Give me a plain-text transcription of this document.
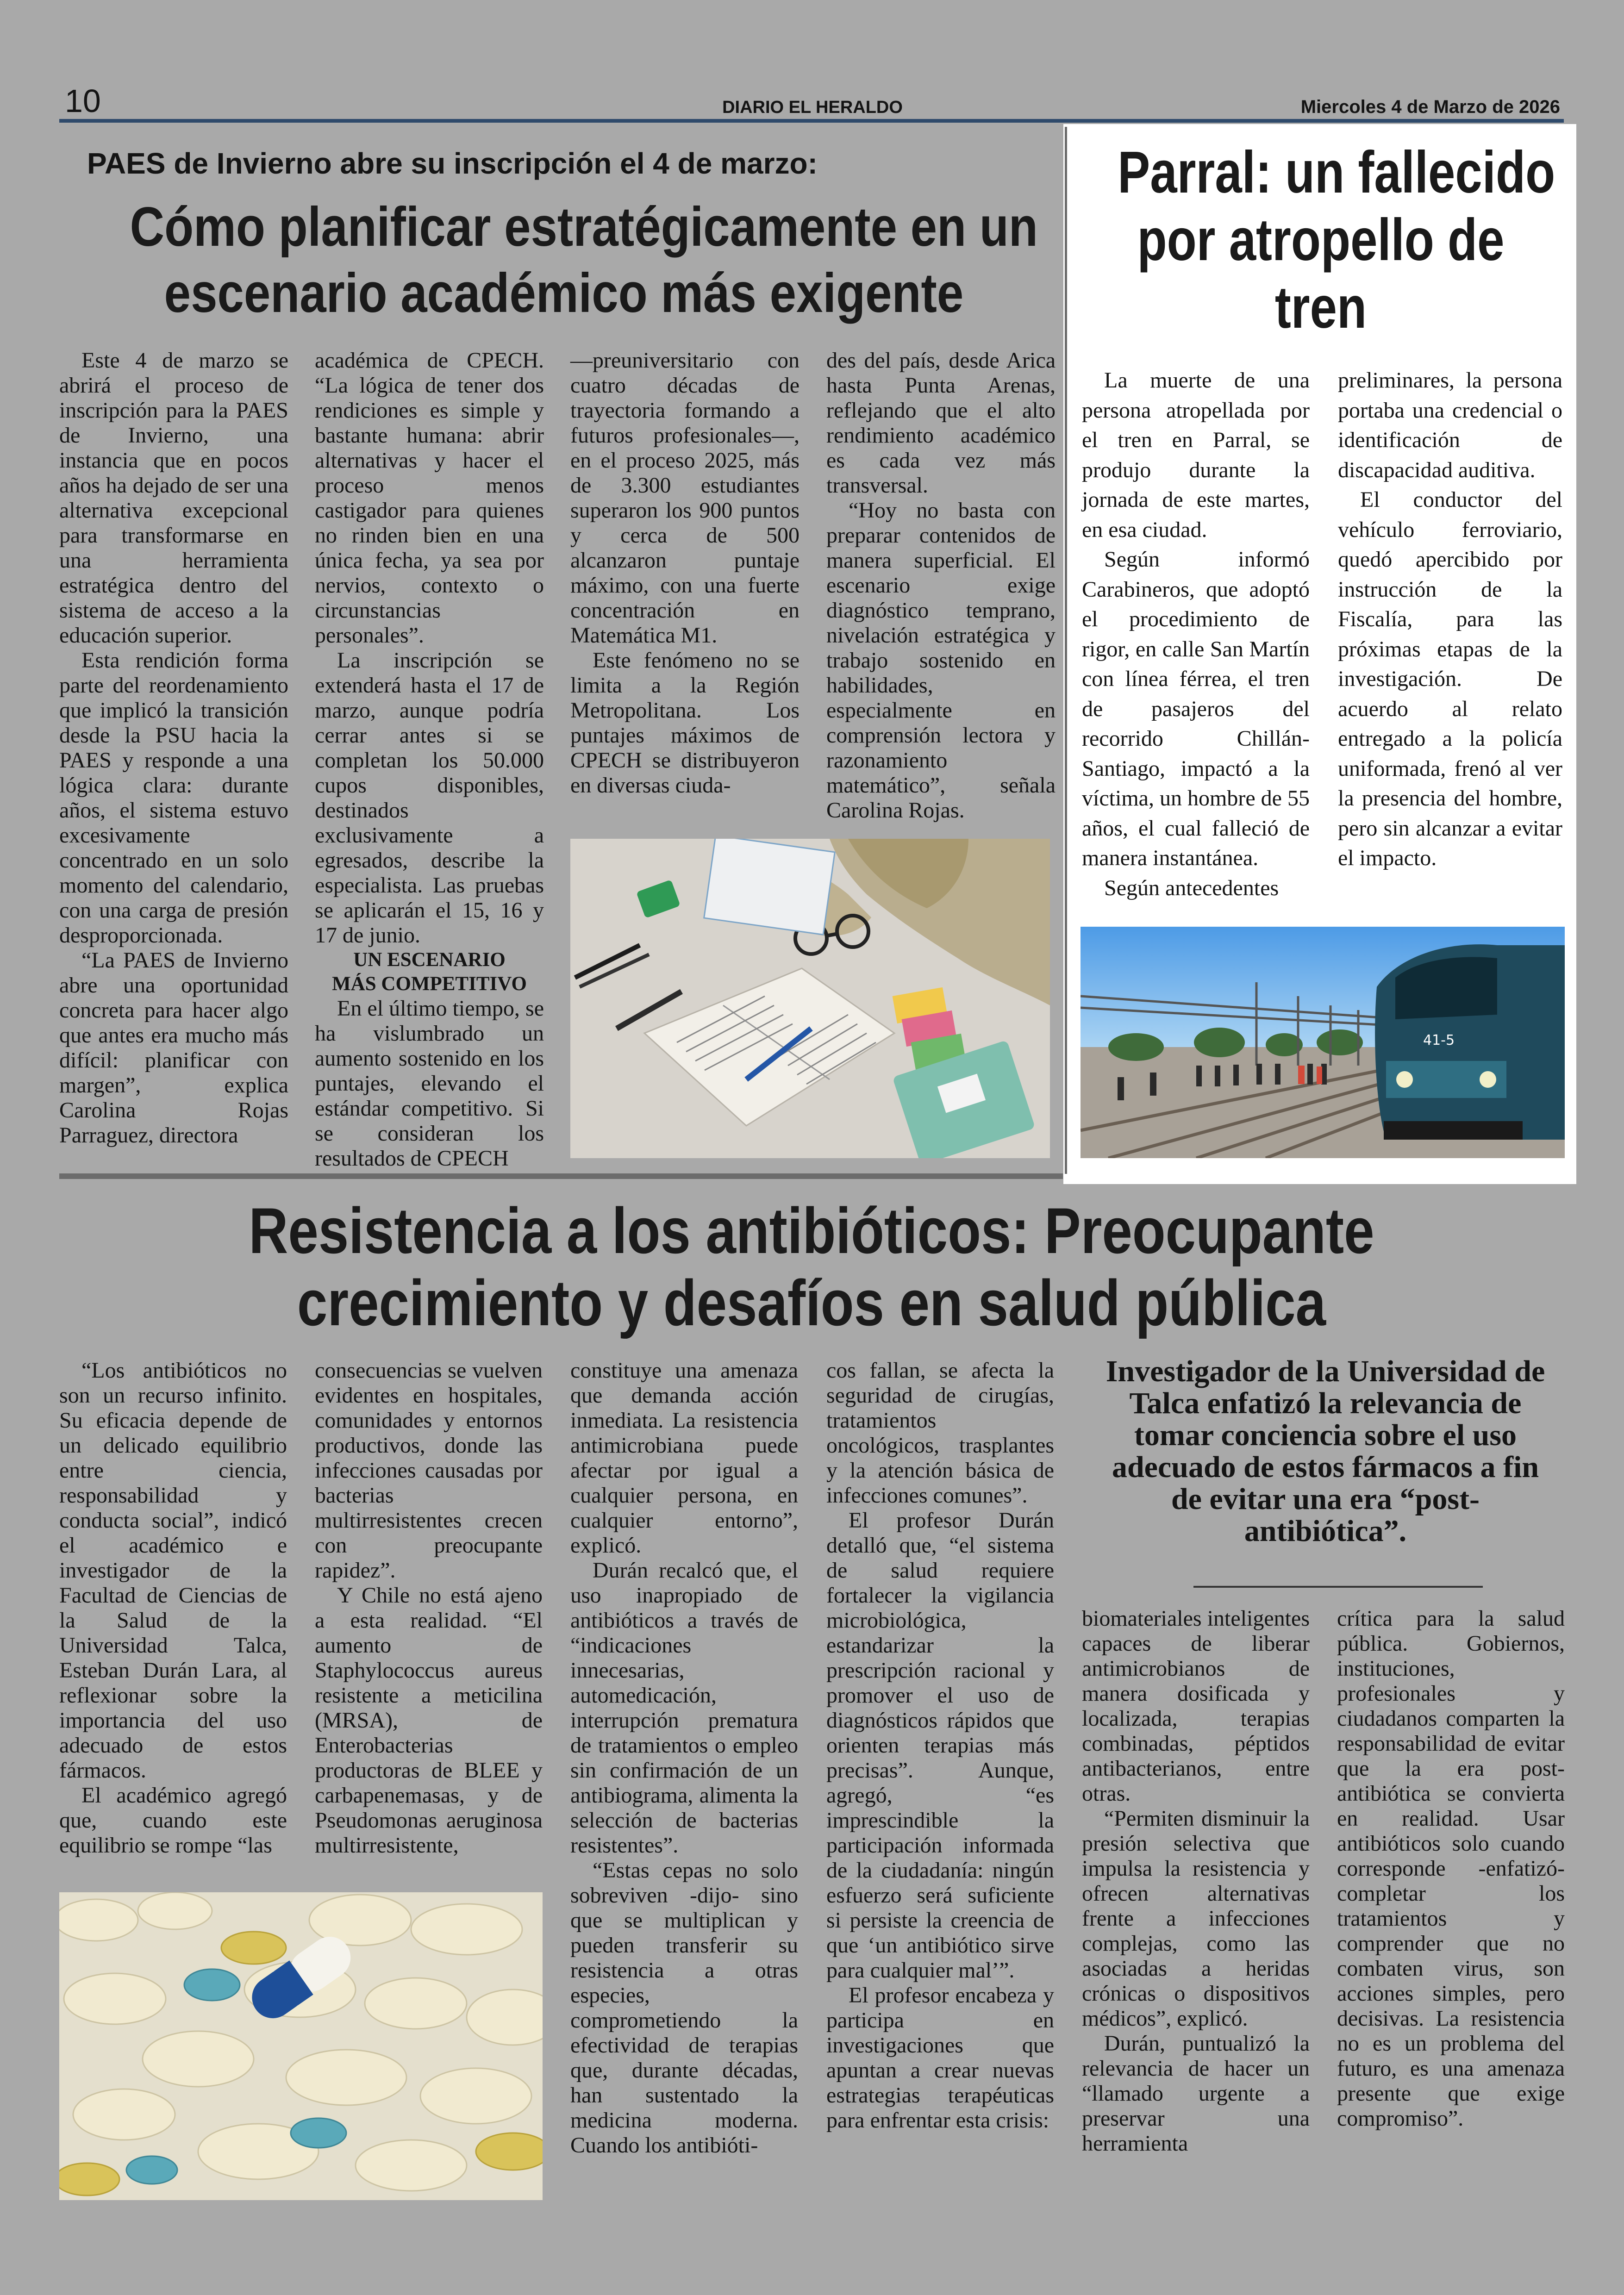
10	DIARIO EL HERALDO	Miercoles 4 de Marzo de 2026
PAES de Invierno abre su inscripción el 4 de marzo:
Cómo planificar estratégicamente en un
escenario académico más exigente

Este 4 de marzo se abrirá el proceso de inscripción para la PAES de Invierno, una instancia que en pocos años ha dejado de ser una alternativa excepcional para transformarse en una herramienta estratégica dentro del sistema de acceso a la educación superior.

Esta rendición forma parte del reordenamiento que implicó la transición desde la PSU hacia la PAES y responde a una lógica clara: durante años, el sistema estuvo excesivamente concentrado en un solo momento del calendario, con una carga de presión desproporcionada.

“La PAES de Invierno abre una oportunidad concreta para hacer algo que antes era mucho más difícil: planificar con margen”, explica Carolina Rojas Parraguez, directora

académica de CPECH. “La lógica de tener dos rendiciones es simple y bastante humana: abrir alternativas y hacer el proceso menos castigador para quienes no rinden bien en una única fecha, ya sea por nervios, contexto o circunstancias personales”.

La inscripción se extenderá hasta el 17 de marzo, aunque podría cerrar antes si se completan los 50.000 cupos disponibles, destinados exclusivamente a egresados, describe la especialista. Las pruebas se aplicarán el 15, 16 y 17 de junio.

UN ESCENARIO

MÁS COMPETITIVO

En el último tiempo, se ha vislumbrado un aumento sostenido en los puntajes, elevando el estándar competitivo. Si se consideran los resultados de CPECH

—preuniversitario con cuatro décadas de trayectoria formando a futuros profesionales—, en el proceso 2025, más de 3.300 estudiantes superaron los 900 puntos y cerca de 500 alcanzaron puntaje máximo, con una fuerte concentración en Matemática M1.

Este fenómeno no se limita a la Región Metropolitana. Los puntajes máximos de CPECH se distribuyeron en diversas ciuda-

des del país, desde Arica hasta Punta Arenas, reflejando que el alto rendimiento académico es cada vez más transversal.

“Hoy no basta con preparar contenidos de manera superficial. El escenario exige diagnóstico temprano, nivelación estratégica y trabajo sostenido en habilidades, especialmente en comprensión lectora y razonamiento matemático”, señala Carolina Rojas.

Parral: un fallecido
por atropello de
tren

La muerte de una persona atropellada por el tren en Parral, se produjo durante la jornada de este martes, en esa ciudad.

Según informó Carabineros, que adoptó el procedimiento de rigor, en calle San Martín con línea férrea, el tren de pasajeros del recorrido Chillán-Santiago, impactó a la víctima, un hombre de 55 años, el cual falleció de manera instantánea.

Según antecedentes

preliminares, la persona portaba una credencial o identificación de discapacidad auditiva.

El conductor del vehículo ferroviario, quedó apercibido por instrucción de la Fiscalía, para las próximas etapas de la investigación. De acuerdo al relato entregado a la policía uniformada, frenó al ver la presencia del hombre, pero sin alcanzar a evitar el impacto.

41-5
Resistencia a los antibióticos: Preocupante
crecimiento y desafíos en salud pública

“Los antibióticos no son un recurso infinito. Su eficacia depende de un delicado equilibrio entre ciencia, responsabilidad y conducta social”, indicó el académico e investigador de la Facultad de Ciencias de la Salud de la Universidad Talca, Esteban Durán Lara, al reflexionar sobre la importancia del uso adecuado de estos fármacos.

El académico agregó que, cuando este equilibrio se rompe “las

consecuencias se vuelven evidentes en hospitales, comunidades y entornos productivos, donde las infecciones causadas por bacterias multirresistentes crecen con preocupante rapidez”.

Y Chile no está ajeno a esta realidad. “El aumento de Staphylococcus aureus resistente a meticilina (MRSA), de Enterobacterias productoras de BLEE y carbapenemasas, y de Pseudomonas aeruginosa multirresistente,

constituye una amenaza que demanda acción inmediata. La resistencia antimicrobiana puede afectar por igual a cualquier persona, en cualquier entorno”, explicó.

Durán recalcó que, el uso inapropiado de antibióticos a través de “indicaciones innecesarias, automedicación, interrupción prematura de tratamientos o empleo sin confirmación de un antibiograma, alimenta la selección de bacterias resistentes”.

“Estas cepas no solo sobreviven -dijo- sino que se multiplican y pueden transferir su resistencia a otras especies, comprometiendo la efectividad de terapias que, durante décadas, han sustentado la medicina moderna. Cuando los antibióti-

cos fallan, se afecta la seguridad de cirugías, tratamientos oncológicos, trasplantes y la atención básica de infecciones comunes”.

El profesor Durán detalló que, “el sistema de salud requiere fortalecer la vigilancia microbiológica, estandarizar la prescripción racional y promover el uso de diagnósticos rápidos que orienten terapias más precisas”. Aunque, agregó, “es imprescindible la participación informada de la ciudadanía: ningún esfuerzo será suficiente si persiste la creencia de que ‘un antibiótico sirve para cualquier mal’”.

El profesor encabeza y participa en investigaciones que apuntan a crear nuevas estrategias terapéuticas para enfrentar esta crisis:

Investigador de la Universidad de Talca enfatizó la relevancia de tomar conciencia sobre el uso adecuado de estos fármacos a fin de evitar una era “post-antibiótica”.

biomateriales inteligentes capaces de liberar antimicrobianos de manera dosificada y localizada, terapias combinadas, péptidos antibacterianos, entre otras.

“Permiten disminuir la presión selectiva que impulsa la resistencia y ofrecen alternativas frente a infecciones complejas, como las asociadas a heridas crónicas o dispositivos médicos”, explicó.

Durán, puntualizó la relevancia de hacer un “llamado urgente a preservar una herramienta

crítica para la salud pública. Gobiernos, instituciones, profesionales y ciudadanos comparten la responsabilidad de evitar que la era post-antibiótica se convierta en realidad. Usar antibióticos solo cuando corresponde -enfatizó- completar los tratamientos y comprender que no combaten virus, son acciones simples, pero decisivas. La resistencia no es un problema del futuro, es una amenaza presente que exige compromiso”.
